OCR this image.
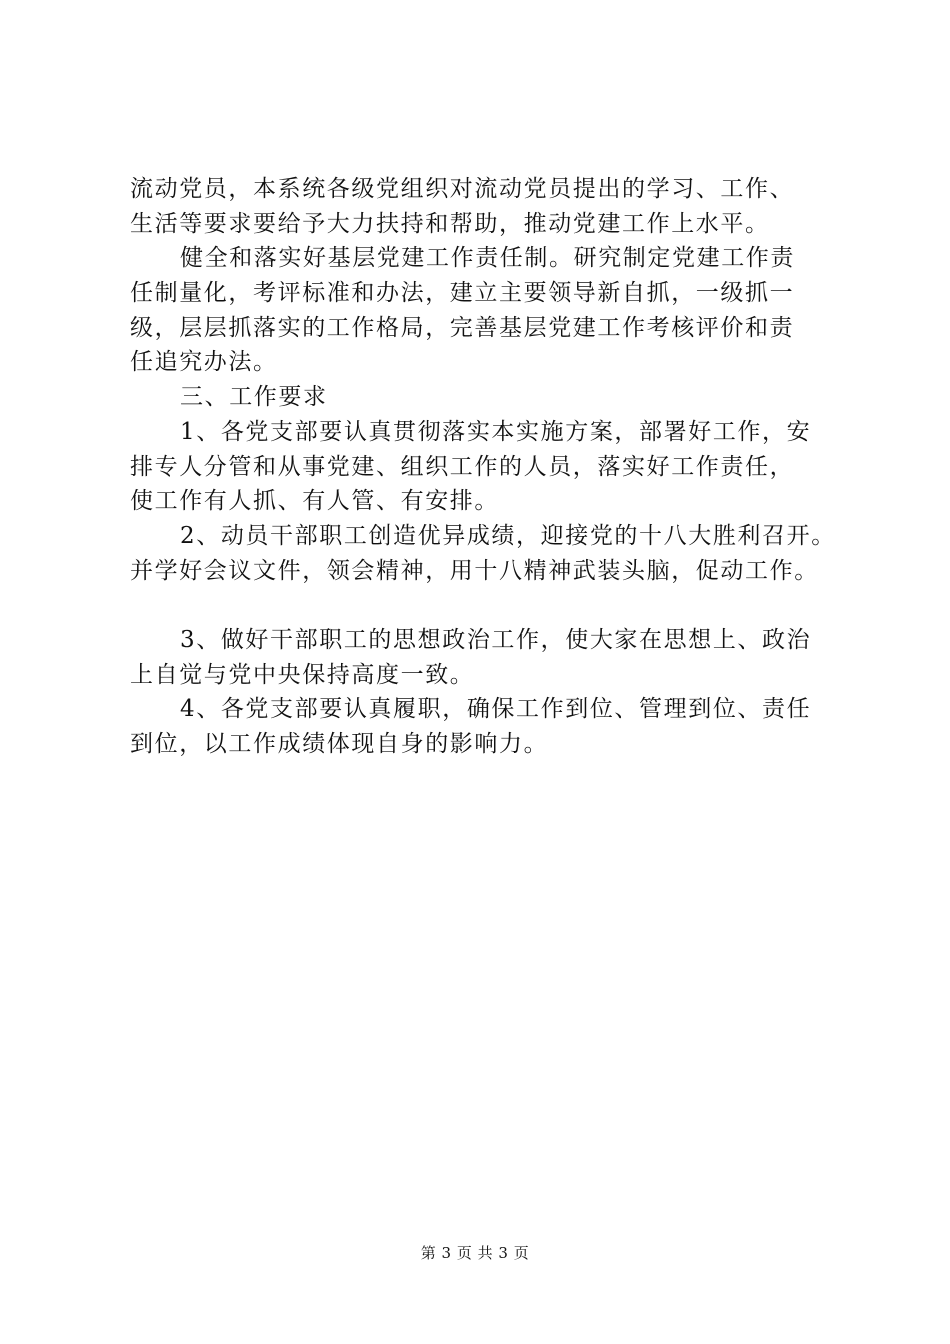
流动党员，本系统各级党组织对流动党员提出的学习、工作、
生活等要求要给予大力扶持和帮助，推动党建工作上水平。
健全和落实好基层党建工作责任制。研究制定党建工作责
任制量化，考评标准和办法，建立主要领导新自抓，一级抓一
级，层层抓落实的工作格局，完善基层党建工作考核评价和责
任追究办法。
三、工作要求
1、各党支部要认真贯彻落实本实施方案，部署好工作，安
排专人分管和从事党建、组织工作的人员，落实好工作责任，
使工作有人抓、有人管、有安排。
2、动员干部职工创造优异成绩，迎接党的十八大胜利召开。
并学好会议文件，领会精神，用十八精神武装头脑，促动工作。
3、做好干部职工的思想政治工作，使大家在思想上、政治
上自觉与党中央保持高度一致。
4、各党支部要认真履职，确保工作到位、管理到位、责任
到位，以工作成绩体现自身的影响力。
第 3 页 共 3 页
